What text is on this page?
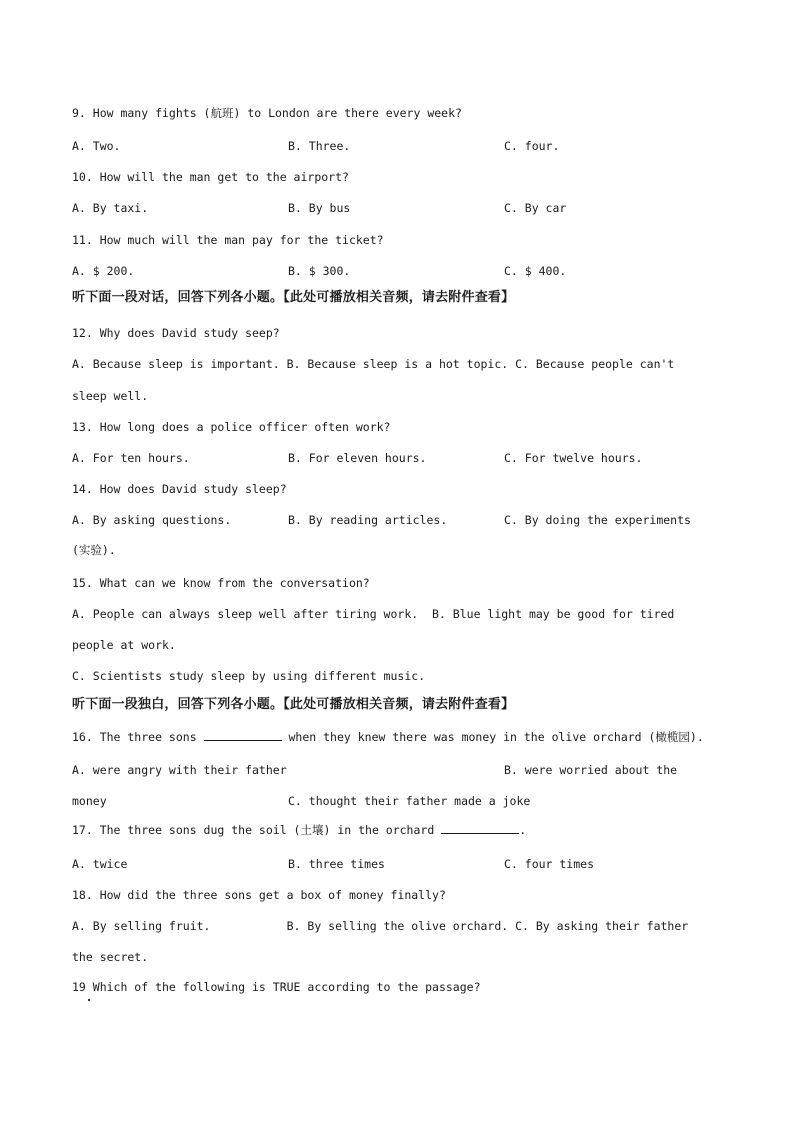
9. How many fights (航班) to London are there every week?
A. Two.	B. Three.	C. four.
10. How will the man get to the airport?
A. By taxi.	B. By bus	C. By car
11. How much will the man pay for the ticket?
A. $ 200.	B. $ 300.	C. $ 400.
听下面一段对话，回答下列各小题。【此处可播放相关音频，请去附件查看】
12. Why does David study seep?
A. Because sleep is important. B. Because sleep is a hot topic. C. Because people can't
sleep well.
13. How long does a police officer often work?
A. For ten hours.	B. For eleven hours.	C. For twelve hours.
14. How does David study sleep?
A. By asking questions.	B. By reading articles.	C. By doing the experiments
(实验).
15. What can we know from the conversation?
A. People can always sleep well after tiring work.  B. Blue light may be good for tired
people at work.
C. Scientists study sleep by using different music.
听下面一段独白，回答下列各小题。【此处可播放相关音频，请去附件查看】
16. The three sons	when they knew there was money in the olive orchard (橄榄园).
A. were angry with their father	B. were worried about the
money	C. thought their father made a joke
17. The three sons dug the soil (土壤) in the orchard	.
A. twice	B. three times	C. four times
18. How did the three sons get a box of money finally?
A. By selling fruit.           B. By selling the olive orchard. C. By asking their father
the secret.
19 Which of the following is TRUE according to the passage?
